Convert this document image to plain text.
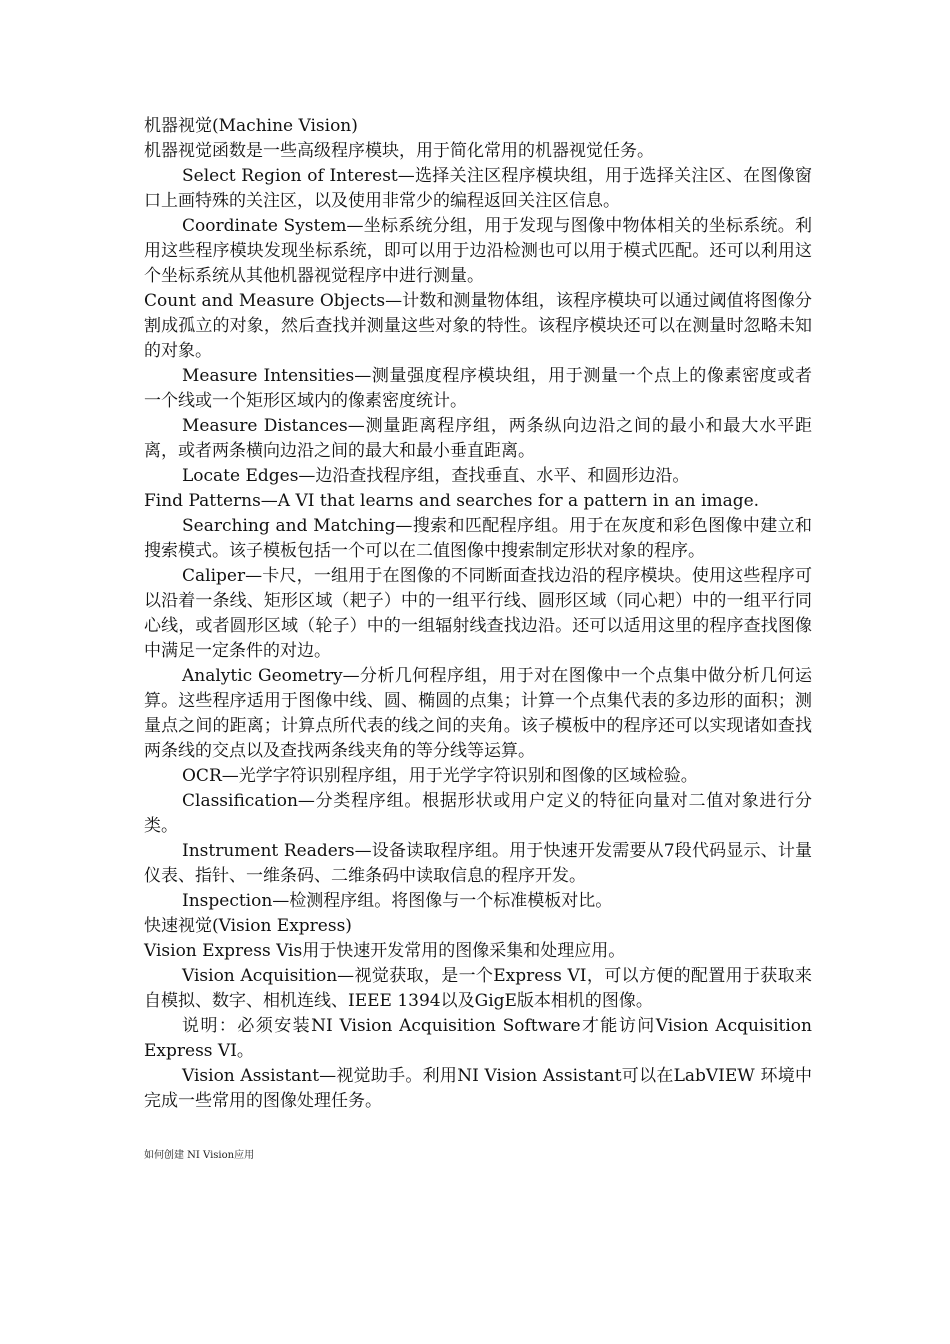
机器视觉(Machine Vision)

机器视觉函数是一些高级程序模块，用于简化常用的机器视觉任务。

Select Region of Interest—选择关注区程序模块组，用于选择关注区、在图像窗口上画特殊的关注区，以及使用非常少的编程返回关注区信息。

Coordinate System—坐标系统分组，用于发现与图像中物体相关的坐标系统。利用这些程序模块发现坐标系统，即可以用于边沿检测也可以用于模式匹配。还可以利用这个坐标系统从其他机器视觉程序中进行测量。

Count and Measure Objects—计数和测量物体组，该程序模块可以通过阈值将图像分割成孤立的对象，然后查找并测量这些对象的特性。该程序模块还可以在测量时忽略未知的对象。

Measure Intensities—测量强度程序模块组，用于测量一个点上的像素密度或者一个线或一个矩形区域内的像素密度统计。

Measure Distances—测量距离程序组，两条纵向边沿之间的最小和最大水平距离，或者两条横向边沿之间的最大和最小垂直距离。

Locate Edges—边沿查找程序组，查找垂直、水平、和圆形边沿。

Find Patterns—A VI that learns and searches for a pattern in an image.

Searching and Matching—搜索和匹配程序组。用于在灰度和彩色图像中建立和搜索模式。该子模板包括一个可以在二值图像中搜索制定形状对象的程序。

Caliper—卡尺，一组用于在图像的不同断面查找边沿的程序模块。使用这些程序可以沿着一条线、矩形区域（耙子）中的一组平行线、圆形区域（同心耙）中的一组平行同心线，或者圆形区域（轮子）中的一组辐射线查找边沿。还可以适用这里的程序查找图像中满足一定条件的对边。

Analytic Geometry—分析几何程序组，用于对在图像中一个点集中做分析几何运算。这些程序适用于图像中线、圆、椭圆的点集；计算一个点集代表的多边形的面积；测量点之间的距离；计算点所代表的线之间的夹角。该子模板中的程序还可以实现诸如查找两条线的交点以及查找两条线夹角的等分线等运算。

OCR—光学字符识别程序组，用于光学字符识别和图像的区域检验。

Classification—分类程序组。根据形状或用户定义的特征向量对二值对象进行分类。

Instrument Readers—设备读取程序组。用于快速开发需要从7段代码显示、计量仪表、指针、一维条码、二维条码中读取信息的程序开发。

Inspection—检测程序组。将图像与一个标准模板对比。

快速视觉(Vision Express)

Vision Express Vis用于快速开发常用的图像采集和处理应用。

Vision Acquisition—视觉获取，是一个Express VI，可以方便的配置用于获取来自模拟、数字、相机连线、IEEE 1394以及GigE版本相机的图像。

说明：必须安装NI Vision Acquisition Software才能访问Vision Acquisition Express VI。

Vision Assistant—视觉助手。利用NI Vision Assistant可以在LabVIEW 环境中完成一些常用的图像处理任务。

如何创建 NI Vision应用
